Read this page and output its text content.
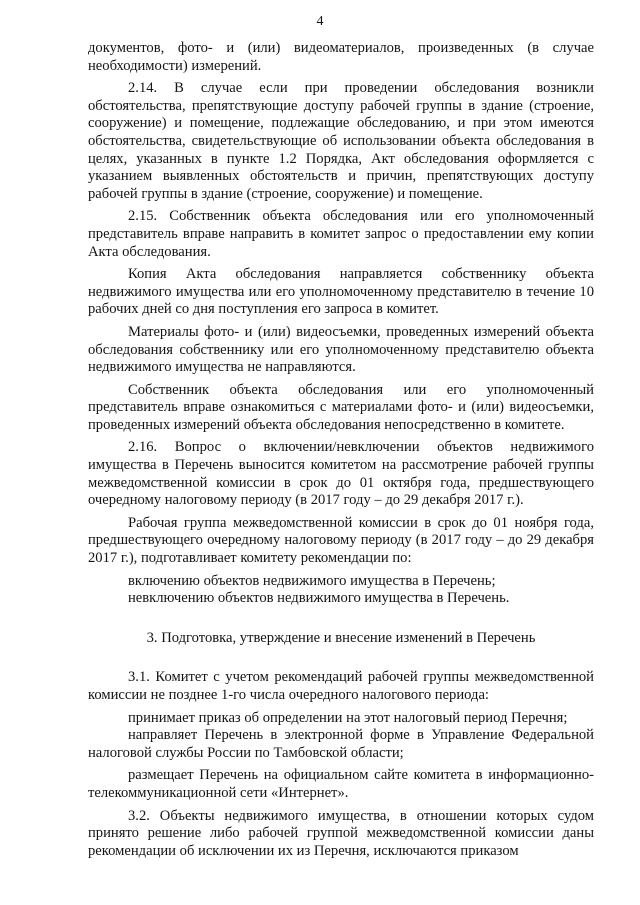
4

документов, фото- и (или) видеоматериалов, произведенных (в случае необходимости) измерений.

2.14. В случае если при проведении обследования возникли обстоятельства, препятствующие доступу рабочей группы в здание (строение, сооружение) и помещение, подлежащие обследованию, и при этом имеются обстоятельства, свидетельствующие об использовании объекта обследования в целях, указанных в пункте 1.2 Порядка, Акт обследования оформляется с указанием выявленных обстоятельств и причин, препятствующих доступу рабочей группы в здание (строение, сооружение) и помещение.

2.15. Собственник объекта обследования или его уполномоченный представитель вправе направить в комитет запрос о предоставлении ему копии Акта обследования.

Копия Акта обследования направляется собственнику объекта недвижимого имущества или его уполномоченному представителю в течение 10 рабочих дней со дня поступления его запроса в комитет.

Материалы фото- и (или) видеосъемки, проведенных измерений объекта обследования собственнику или его уполномоченному представителю объекта недвижимого имущества не направляются.

Собственник объекта обследования или его уполномоченный представитель вправе ознакомиться с материалами фото- и (или) видеосъемки, проведенных измерений объекта обследования непосредственно в комитете.

2.16. Вопрос о включении/невключении объектов недвижимого имущества в Перечень выносится комитетом на рассмотрение рабочей группы межведомственной комиссии в срок до 01 октября года, предшествующего очередному налоговому периоду (в 2017 году – до 29 декабря 2017 г.).

Рабочая группа межведомственной комиссии в срок до 01 ноября года, предшествующего очередному налоговому периоду (в 2017 году – до 29 декабря 2017 г.), подготавливает комитету рекомендации по:

включению объектов недвижимого имущества в Перечень;

невключению объектов недвижимого имущества в Перечень.

3. Подготовка, утверждение и внесение изменений в Перечень

3.1. Комитет с учетом рекомендаций рабочей группы межведомственной комиссии не позднее 1-го числа очередного налогового периода:

принимает приказ об определении на этот налоговый период Перечня;

направляет Перечень в электронной форме в Управление Федеральной налоговой службы России по Тамбовской области;

размещает Перечень на официальном сайте комитета в информационно-телекоммуникационной сети «Интернет».

3.2. Объекты недвижимого имущества, в отношении которых судом принято решение либо рабочей группой межведомственной комиссии даны рекомендации об исключении их из Перечня, исключаются приказом
